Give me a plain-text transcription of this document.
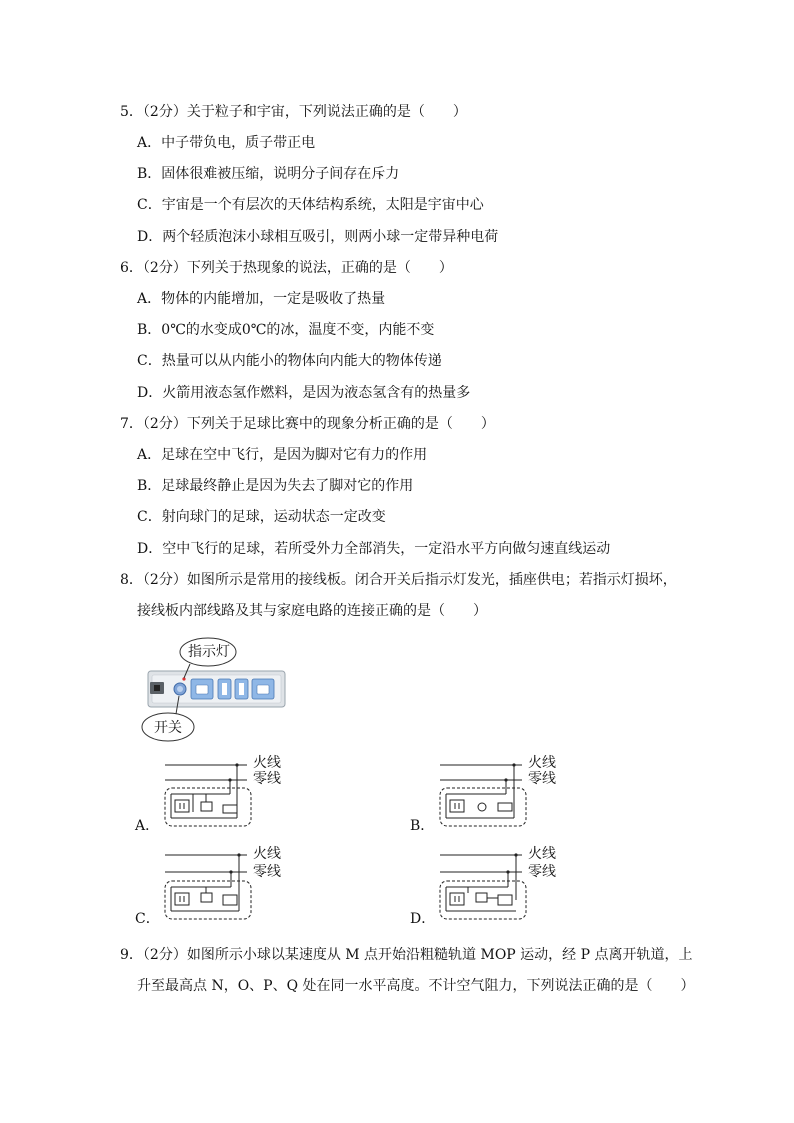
5．（2分）关于粒子和宇宙，下列说法正确的是（　　）
A．中子带负电，质子带正电
B．固体很难被压缩，说明分子间存在斥力
C．宇宙是一个有层次的天体结构系统，太阳是宇宙中心
D．两个轻质泡沫小球相互吸引，则两小球一定带异种电荷
6．（2分）下列关于热现象的说法，正确的是（　　）
A．物体的内能增加，一定是吸收了热量
B．0℃的水变成0℃的冰，温度不变，内能不变
C．热量可以从内能小的物体向内能大的物体传递
D．火箭用液态氢作燃料，是因为液态氢含有的热量多
7．（2分）下列关于足球比赛中的现象分析正确的是（　　）
A．足球在空中飞行，是因为脚对它有力的作用
B．足球最终静止是因为失去了脚对它的作用
C．射向球门的足球，运动状态一定改变
D．空中飞行的足球，若所受外力全部消失，一定沿水平方向做匀速直线运动
8．（2分）如图所示是常用的接线板。闭合开关后指示灯发光，插座供电；若指示灯损坏，
接线板内部线路及其与家庭电路的连接正确的是（　　）
指示灯
开关
A．
火线
零线
B．
火线
零线
C．
火线
零线
D．
火线
零线
9．（2分）如图所示小球以某速度从 M 点开始沿粗糙轨道 MOP 运动，经 P 点离开轨道，上
升至最高点 N，O、P、Q 处在同一水平高度。不计空气阻力，下列说法正确的是（　　）
